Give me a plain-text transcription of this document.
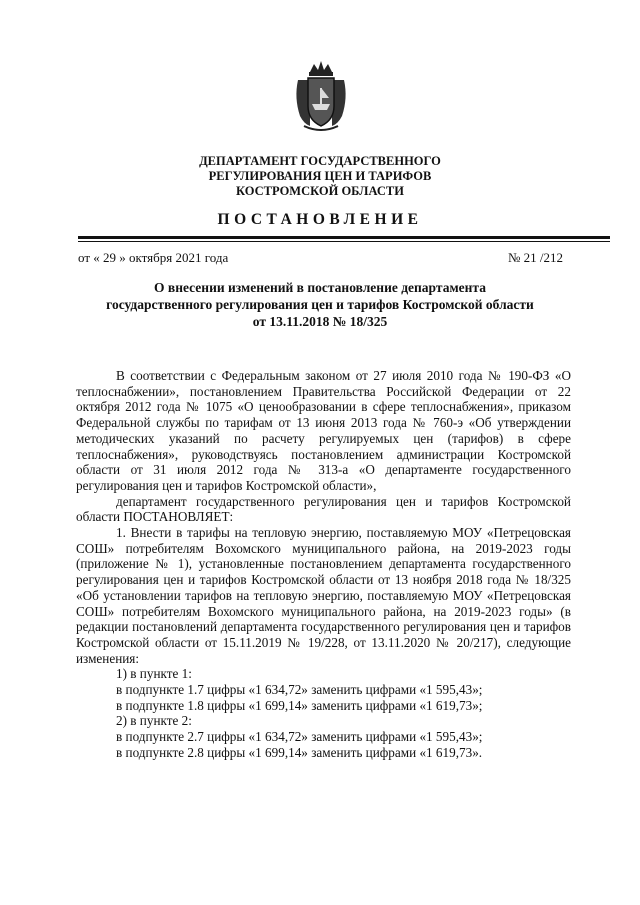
ДЕПАРТАМЕНТ ГОСУДАРСТВЕННОГО
РЕГУЛИРОВАНИЯ ЦЕН И ТАРИФОВ
КОСТРОМСКОЙ ОБЛАСТИ
ПОСТАНОВЛЕНИЕ
от « 29 » октября 2021 года	№ 21 /212
О внесении изменений в постановление департамента
государственного регулирования цен и тарифов Костромской области
от 13.11.2018 № 18/325

В соответствии с Федеральным законом от 27 июля 2010 года № 190-ФЗ «О теплоснабжении», постановлением Правительства Российской Федерации от 22 октября 2012 года № 1075 «О ценообразовании в сфере теплоснабжения», приказом Федеральной службы по тарифам от 13 июня 2013 года № 760-э «Об утверждении методических указаний по расчету регулируемых цен (тарифов) в сфере теплоснабжения», руководствуясь постановлением администрации Костромской области от 31 июля 2012 года № 313-а «О департаменте государственного регулирования цен и тарифов Костромской области»,

департамент государственного регулирования цен и тарифов Костромской области ПОСТАНОВЛЯЕТ:

1. Внести в тарифы на тепловую энергию, поставляемую МОУ «Петрецовская СОШ» потребителям Вохомского муниципального района, на 2019-2023 годы (приложение № 1), установленные постановлением департамента государственного регулирования цен и тарифов Костромской области от 13 ноября 2018 года № 18/325 «Об установлении тарифов на тепловую энергию, поставляемую МОУ «Петрецовская СОШ» потребителям Вохомского муниципального района, на 2019-2023 годы» (в редакции постановлений департамента государственного регулирования цен и тарифов Костромской области от 15.11.2019 № 19/228, от 13.11.2020 № 20/217), следующие изменения:

1) в пункте 1:

в подпункте 1.7 цифры «1 634,72» заменить цифрами «1 595,43»;

в подпункте 1.8 цифры «1 699,14» заменить цифрами «1 619,73»;

2) в пункте 2:

в подпункте 2.7 цифры «1 634,72» заменить цифрами «1 595,43»;

в подпункте 2.8 цифры «1 699,14» заменить цифрами «1 619,73».
